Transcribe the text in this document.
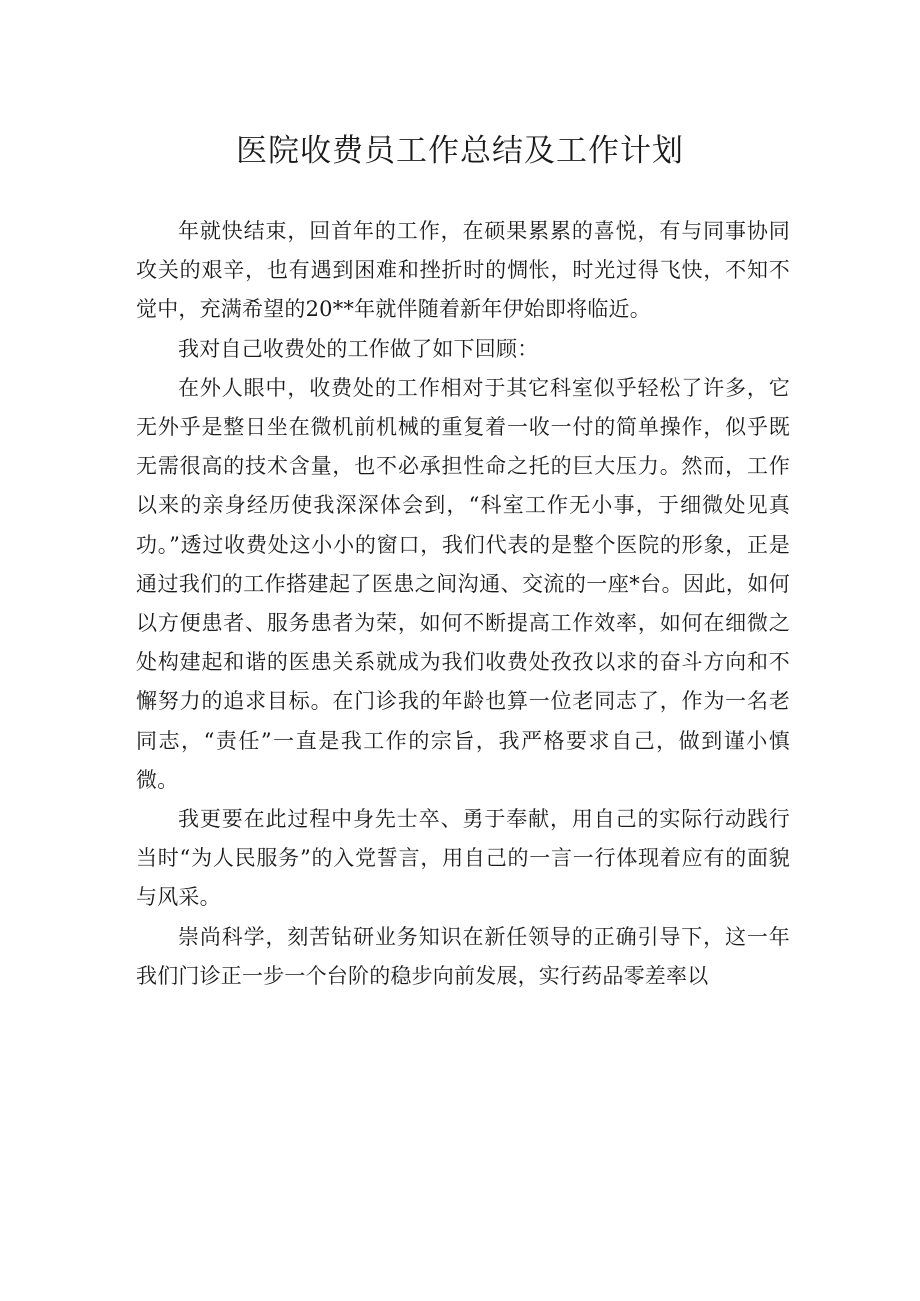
医院收费员工作总结及工作计划

年就快结束，回首年的工作，在硕果累累的喜悦，有与同事协同攻关的艰辛，也有遇到困难和挫折时的惆怅，时光过得飞快，不知不觉中，充满希望的20**年就伴随着新年伊始即将临近。

我对自己收费处的工作做了如下回顾：

在外人眼中，收费处的工作相对于其它科室似乎轻松了许多，它无外乎是整日坐在微机前机械的重复着一收一付的简单操作，似乎既无需很高的技术含量，也不必承担性命之托的巨大压力。然而，工作以来的亲身经历使我深深体会到，“科室工作无小事，于细微处见真功。”透过收费处这小小的窗口，我们代表的是整个医院的形象，正是通过我们的工作搭建起了医患之间沟通、交流的一座*台。因此，如何以方便患者、服务患者为荣，如何不断提高工作效率，如何在细微之处构建起和谐的医患关系就成为我们收费处孜孜以求的奋斗方向和不懈努力的追求目标。在门诊我的年龄也算一位老同志了，作为一名老同志，“责任”一直是我工作的宗旨，我严格要求自己，做到谨小慎微。

我更要在此过程中身先士卒、勇于奉献，用自己的实际行动践行当时“为人民服务”的入党誓言，用自己的一言一行体现着应有的面貌与风采。

崇尚科学，刻苦钻研业务知识在新任领导的正确引导下，这一年我们门诊正一步一个台阶的稳步向前发展，实行药品零差率以
